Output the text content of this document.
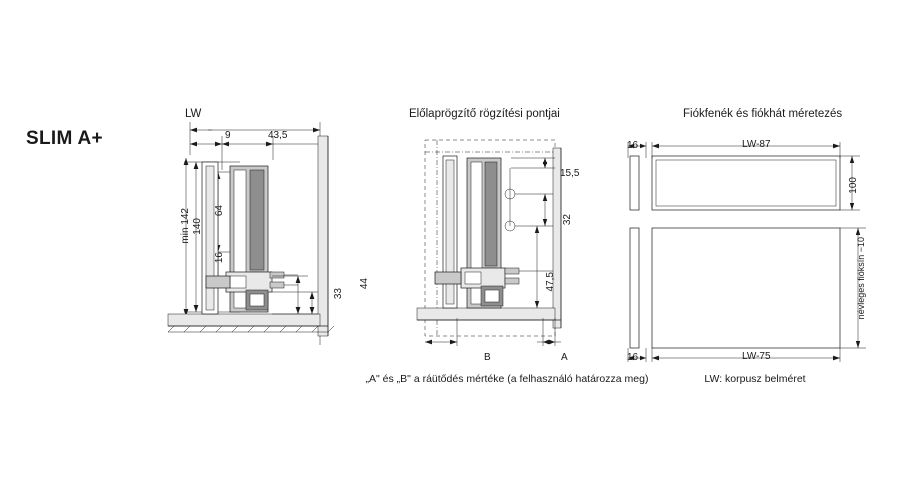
SLIM A+
LW
9	43,5
min 142 140
64
16
33
44
Előlaprögzítő rögzítési pontjai
15,5
32
47,5
B	A
„A" és „B" a ráütődés mértéke (a felhasználó határozza meg)
Fiókfenék és fiókhát méretezés
16
16
LW-87
LW-75
100
névleges fióksín −10
LW: korpusz belméret
